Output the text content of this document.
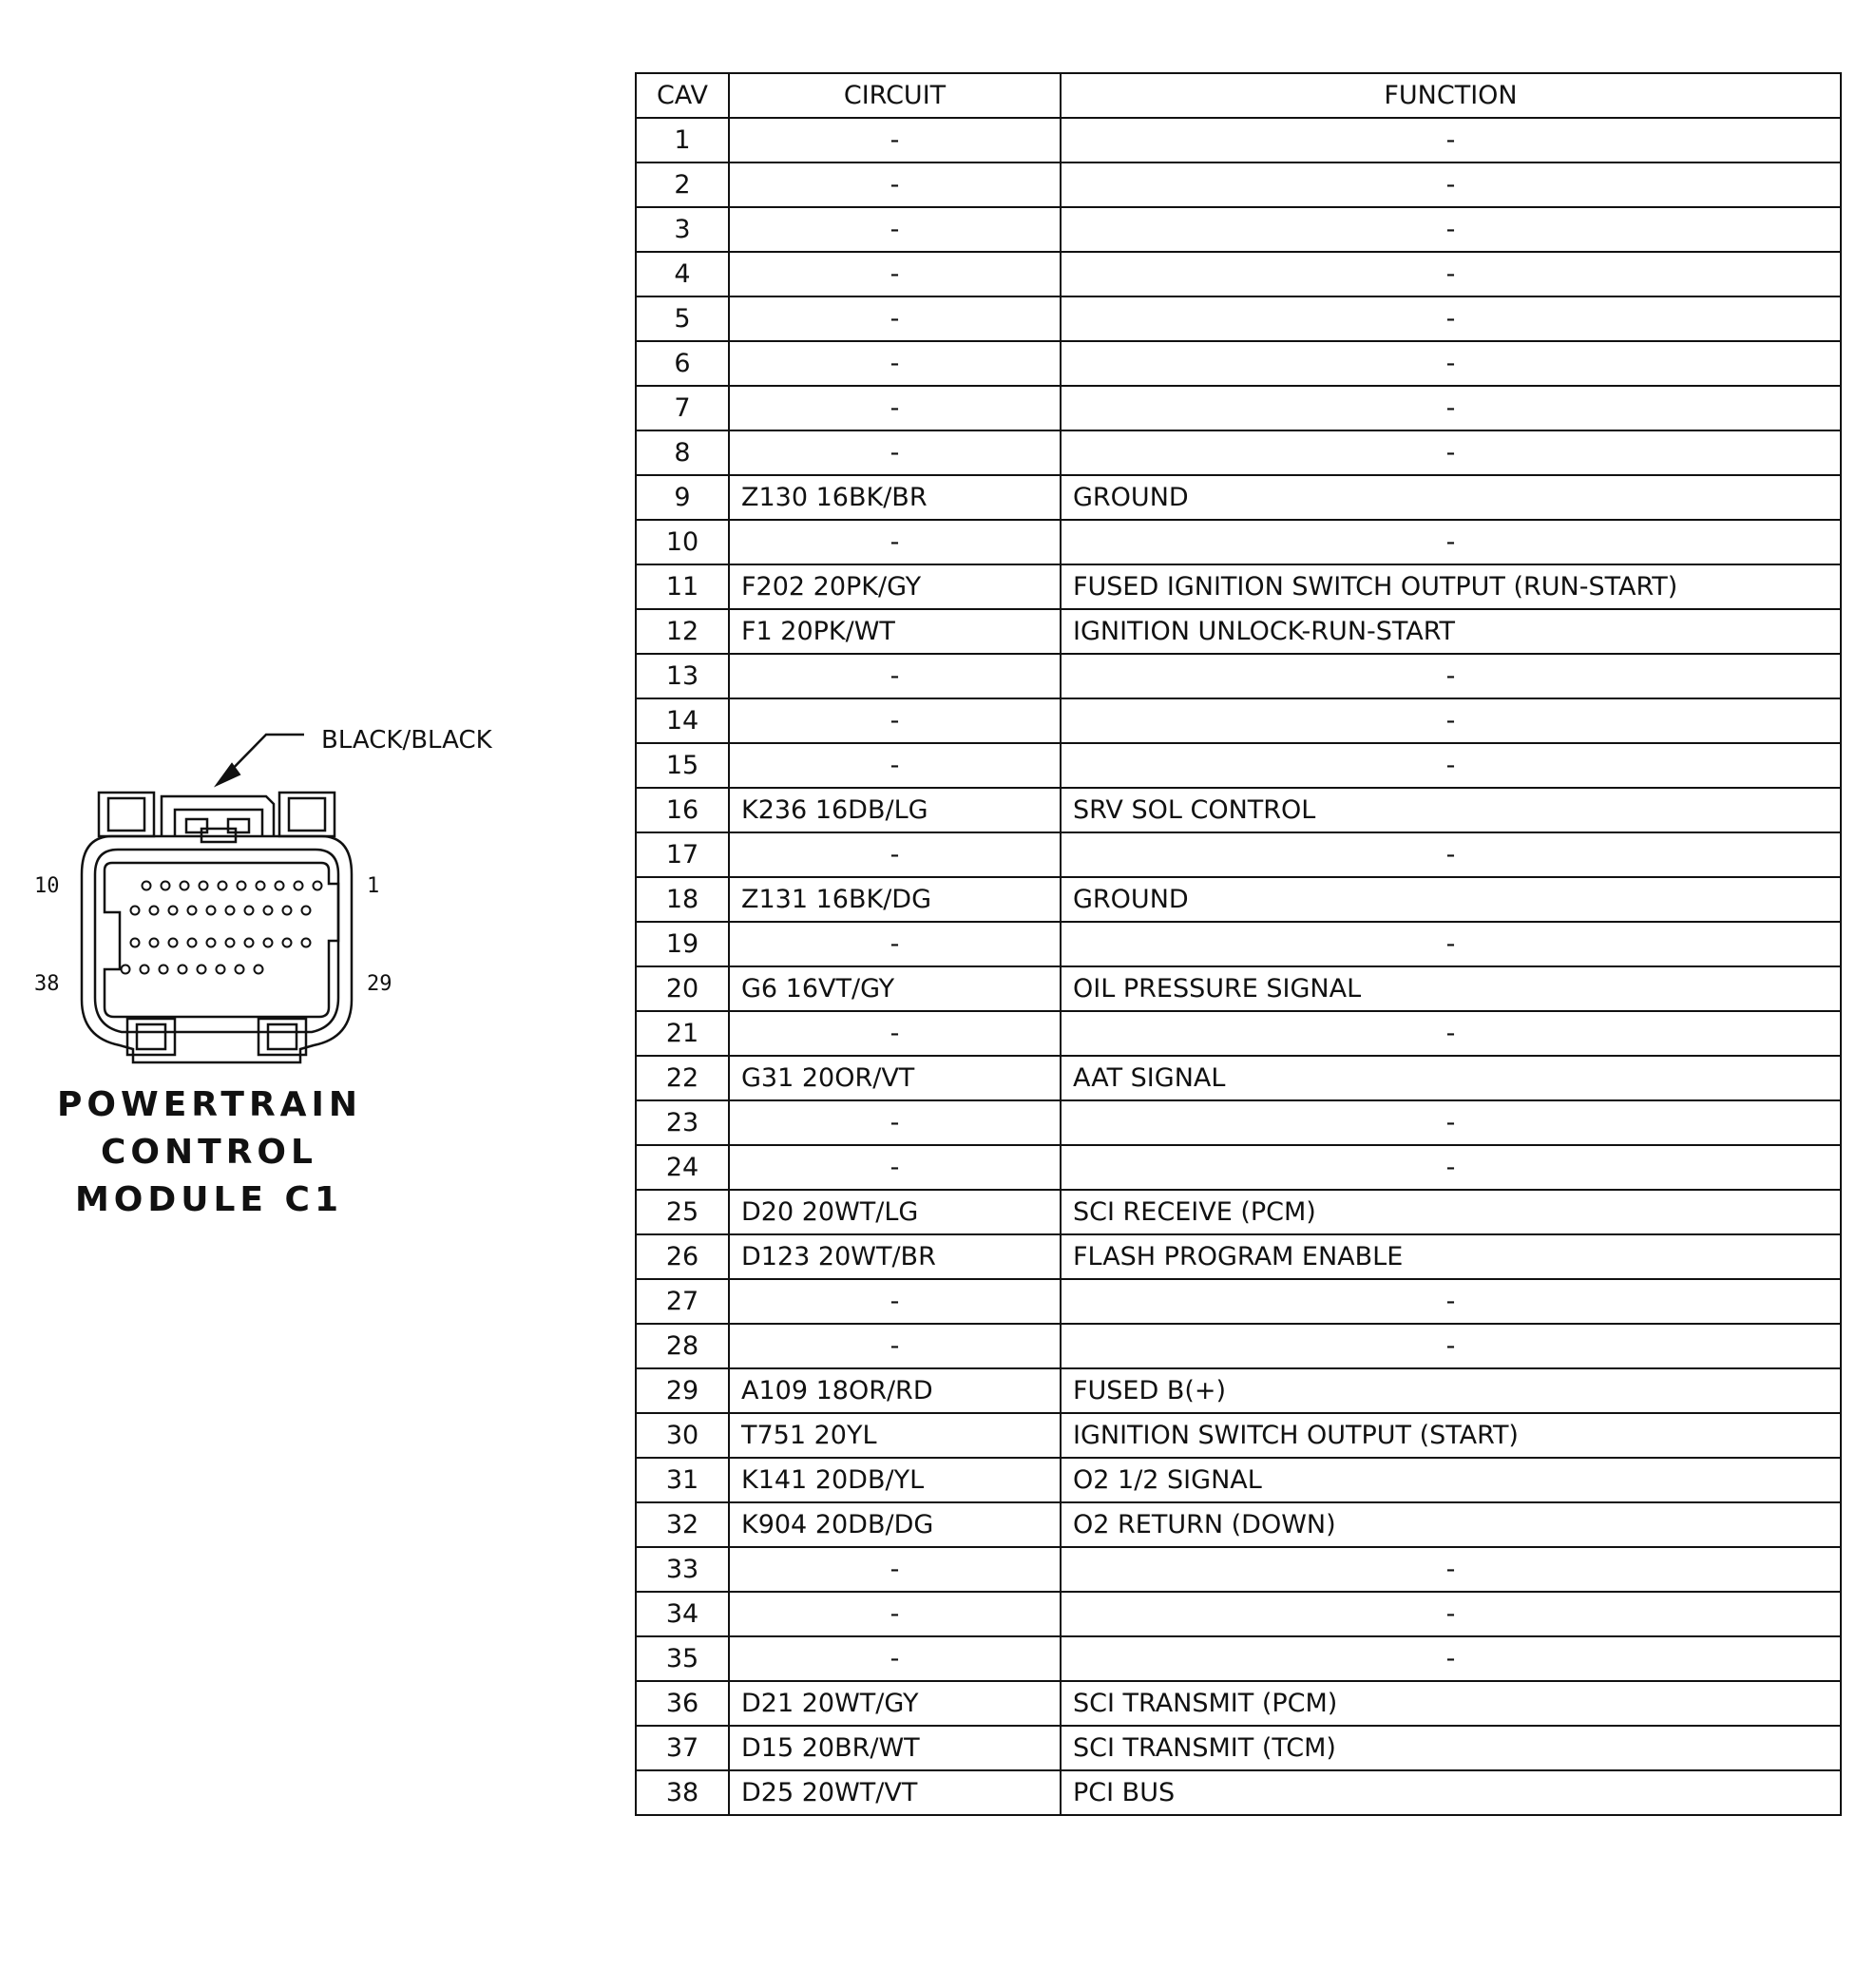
BLACK/BLACK
10	1
38	29
POWERTRAIN
CONTROL
MODULE C1
CAV	CIRCUIT	FUNCTION
1	-	-
2	-	-
3	-	-
4	-	-
5	-	-
6	-	-
7	-	-
8	-	-
9	Z130 16BK/BR	GROUND
10	-	-
11	F202 20PK/GY	FUSED IGNITION SWITCH OUTPUT (RUN-START)
12	F1 20PK/WT	IGNITION UNLOCK-RUN-START
13	-	-
14	-	-
15	-	-
16	K236 16DB/LG	SRV SOL CONTROL
17	-	-
18	Z131 16BK/DG	GROUND
19	-	-
20	G6 16VT/GY	OIL PRESSURE SIGNAL
21	-	-
22	G31 20OR/VT	AAT SIGNAL
23	-	-
24	-	-
25	D20 20WT/LG	SCI RECEIVE (PCM)
26	D123 20WT/BR	FLASH PROGRAM ENABLE
27	-	-
28	-	-
29	A109 18OR/RD	FUSED B(+)
30	T751 20YL	IGNITION SWITCH OUTPUT (START)
31	K141 20DB/YL	O2 1/2 SIGNAL
32	K904 20DB/DG	O2 RETURN (DOWN)
33	-	-
34	-	-
35	-	-
36	D21 20WT/GY	SCI TRANSMIT (PCM)
37	D15 20BR/WT	SCI TRANSMIT (TCM)
38	D25 20WT/VT	PCI BUS
